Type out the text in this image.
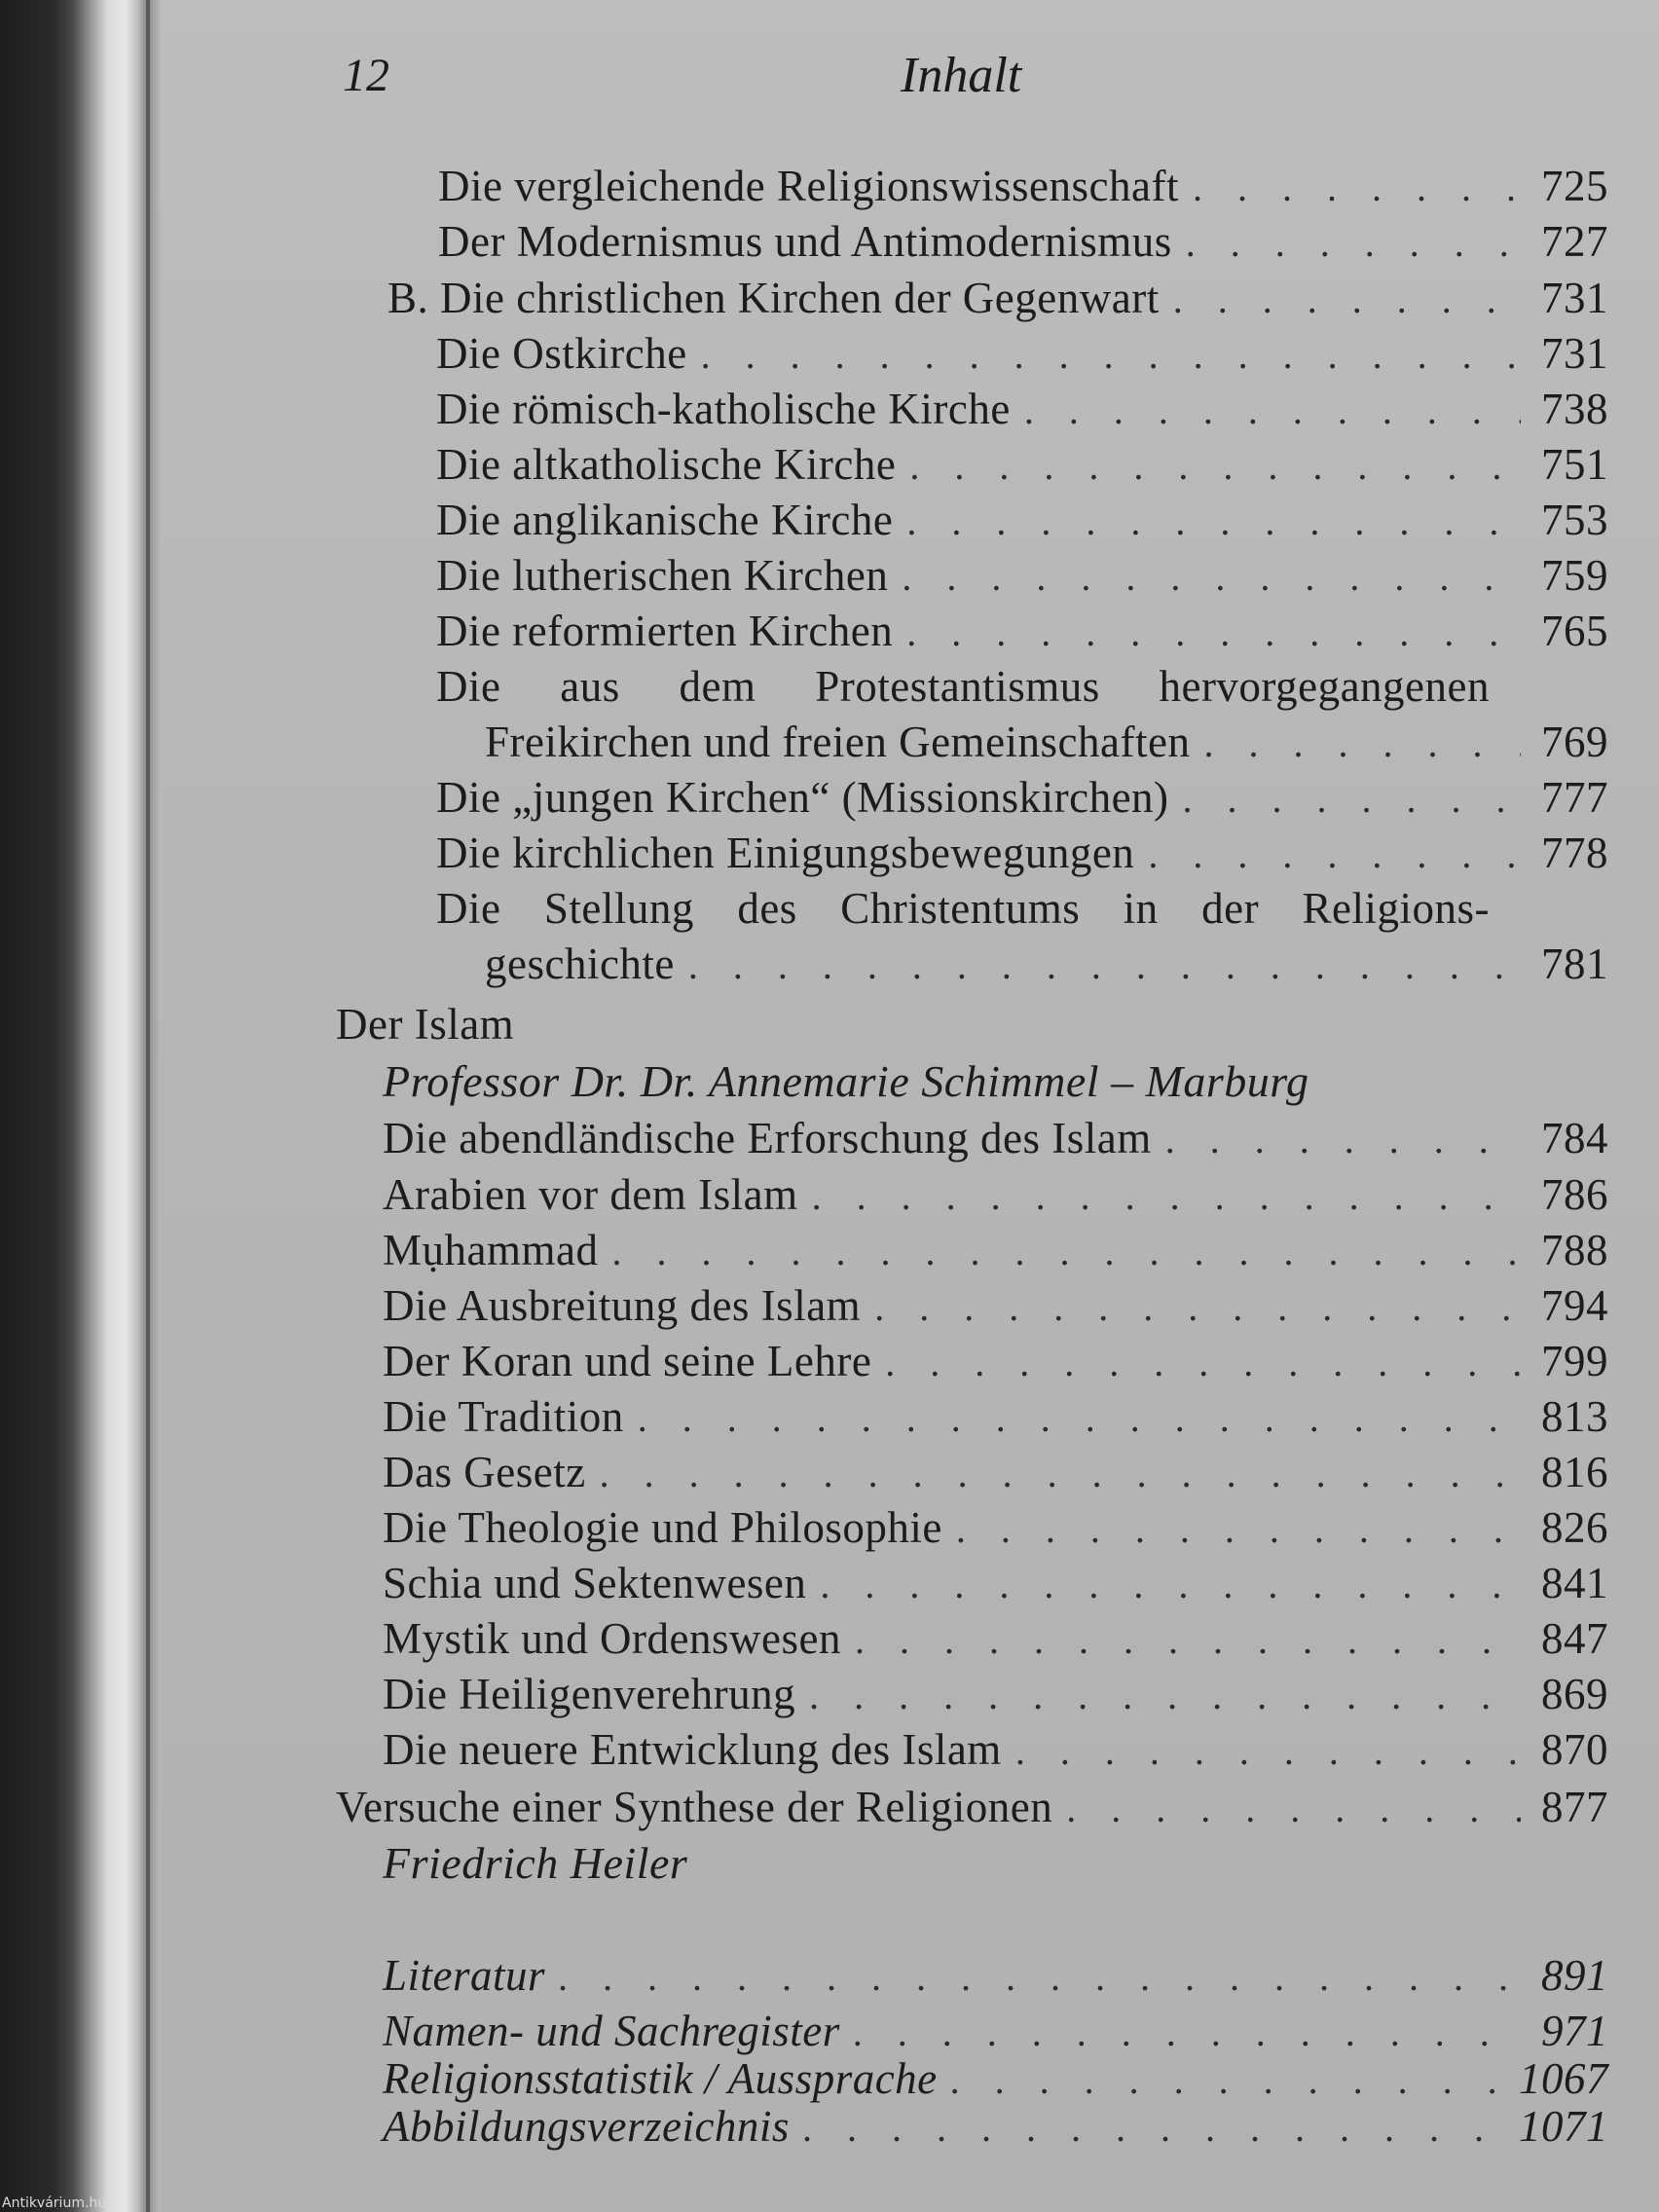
12	Inhalt
Die vergleichende Religionswissenschaft . . .	725
Der Modernismus und Antimodernismus . . .	727
B. Die christlichen Kirchen der Gegenwart . . .	731
Die Ostkirche . . .	731
Die römisch-katholische Kirche . . .	738
Die altkatholische Kirche . . .	751
Die anglikanische Kirche . . .	753
Die lutherischen Kirchen . . .	759
Die reformierten Kirchen . . .	765
Die aus dem Protestantismus hervorgegangenen
Freikirchen und freien Gemeinschaften . . .	769
Die „jungen Kirchen“ (Missionskirchen) . . .	777
Die kirchlichen Einigungsbewegungen . . .	778
Die Stellung des Christentums in der Religions-
geschichte . . .	781
Der Islam
Professor Dr. Dr. Annemarie Schimmel – Marburg
Die abendländische Erforschung des Islam . . .	784
Arabien vor dem Islam . . .	786
Mụhammad . . .	788
Die Ausbreitung des Islam . . .	794
Der Koran und seine Lehre . . .	799
Die Tradition . . .	813
Das Gesetz . . .	816
Die Theologie und Philosophie . . .	826
Schia und Sektenwesen . . .	841
Mystik und Ordenswesen . . .	847
Die Heiligenverehrung . . .	869
Die neuere Entwicklung des Islam . . .	870
Versuche einer Synthese der Religionen . . .	877
Friedrich Heiler
Literatur . . .	891
Namen- und Sachregister . . .	971
Religionsstatistik / Aussprache . . .	1067
Abbildungsverzeichnis . . .	1071
Antikvárium.hu
